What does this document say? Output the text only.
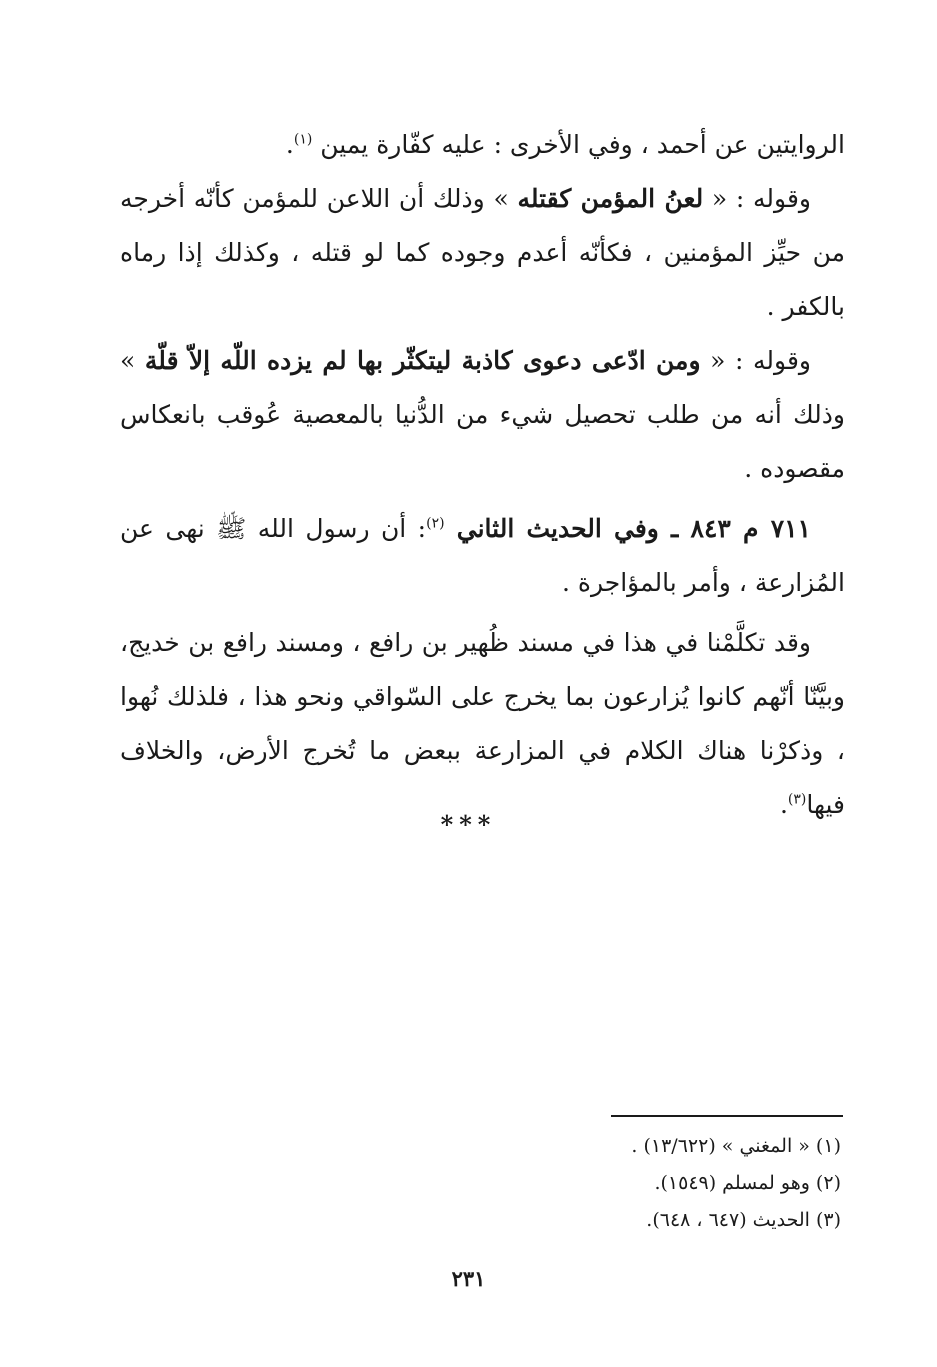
الروايتين عن أحمد ، وفي الأخرى : عليه كفّارة يمين $^{(١)}$.

وقوله : « لعنُ المؤمن كقتله » وذلك أن اللاعن للمؤمن كأنّه أخرجه من حيِّز المؤمنين ، فكأنّه أعدم وجوده كما لو قتله ، وكذلك إذا رماه بالكفر .

وقوله : « ومن ادّعى دعوى كاذبة ليتكثّر بها لم يزده اللّه إلاّ قلّة » وذلك أنه من طلب تحصيل شيء من الدُّنيا بالمعصية عُوقب بانعكاس مقصوده .

٧١١ م ٨٤٣ ـ وفي الحديث الثاني $^{(٢)}$: أن رسول الله ﷺ نهى عن المُزارعة ، وأمر بالمؤاجرة .

وقد تكلَّمْنا في هذا في مسند ظُهير بن رافع ، ومسند رافع بن خديج، وبيَّنّا أنّهم كانوا يُزارعون بما يخرج على السّواقي ونحو هذا ، فلذلك نُهوا ، وذكرْنا هناك الكلام في المزارعة ببعض ما تُخرج الأرض، والخلاف فيها$^{(٣)}$.

***

(١) « المغني » (١٣/٦٢٢) .

(٢) وهو لمسلم (١٥٤٩).

(٣) الحديث (٦٤٧ ، ٦٤٨).

٢٣١
